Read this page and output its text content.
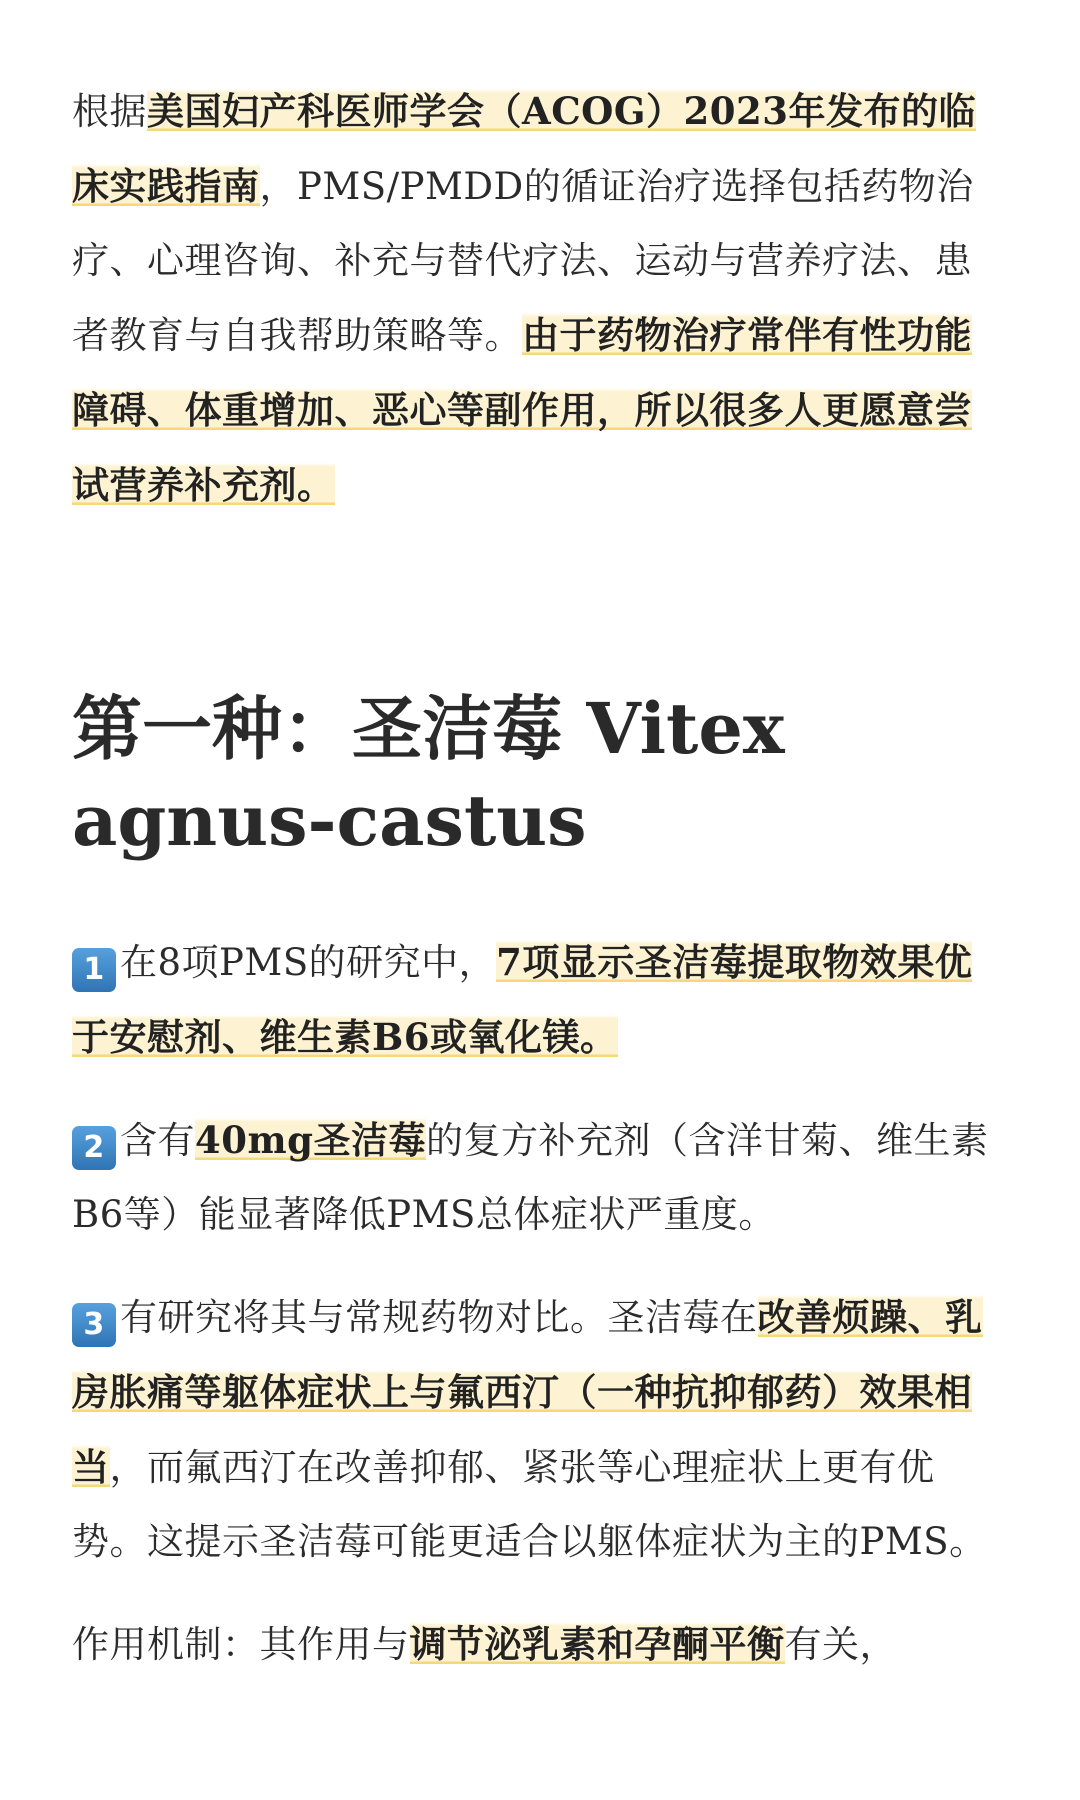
根据美国妇产科医师学会（ACOG）2023年发布的临床实践指南，PMS/PMDD的循证治疗选择包括药物治疗、心理咨询、补充与替代疗法、运动与营养疗法、患者教育与自我帮助策略等。由于药物治疗常伴有性功能障碍、体重增加、恶心等副作用，所以很多人更愿意尝试营养补充剂。

第一种：圣洁莓 Vitex agnus-castus

1 在8项PMS的研究中，7项显示圣洁莓提取物效果优于安慰剂、维生素B6或氧化镁。

2 含有40mg圣洁莓的复方补充剂（含洋甘菊、维生素B6等）能显著降低PMS总体症状严重度。

3 有研究将其与常规药物对比。圣洁莓在改善烦躁、乳房胀痛等躯体症状上与氟西汀（一种抗抑郁药）效果相当，而氟西汀在改善抑郁、紧张等心理症状上更有优势。这提示圣洁莓可能更适合以躯体症状为主的PMS。

作用机制：其作用与调节泌乳素和孕酮平衡有关，
